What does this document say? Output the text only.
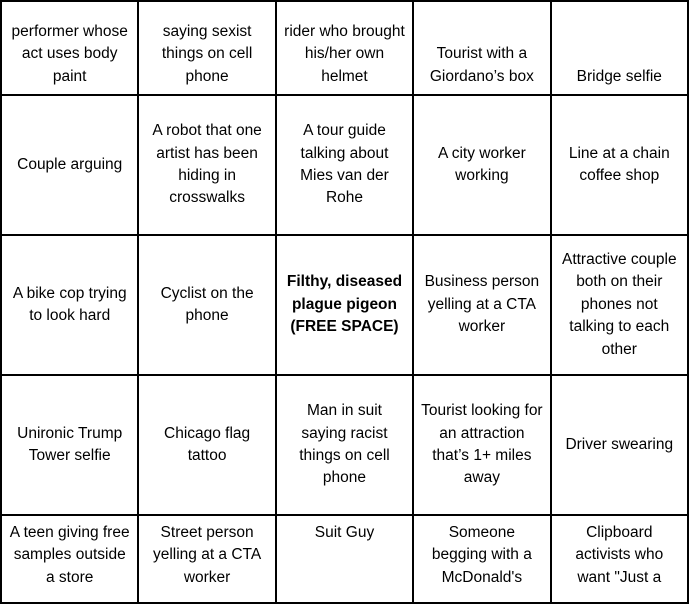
performer whose act uses body paint	saying sexist things on cell phone	rider who brought his/her own helmet	Tourist with a Giordano’s box	Bridge selfie

Couple arguing	A robot that one artist has been hiding in crosswalks	A tour guide talking about Mies van der Rohe	A city worker working	Line at a chain coffee shop

A bike cop trying to look hard	Cyclist on the phone	Filthy, diseased plague pigeon (FREE SPACE)	Business person yelling at a CTA worker	Attractive couple both on their phones not talking to each other

Unironic Trump Tower selfie	Chicago flag tattoo	Man in suit saying racist things on cell phone	Tourist looking for an attraction that’s 1+ miles away	Driver swearing

A teen giving free samples outside a store	Street person yelling at a CTA worker	Suit Guy	Someone begging with a McDonald's	Clipboard activists who want "Just a
